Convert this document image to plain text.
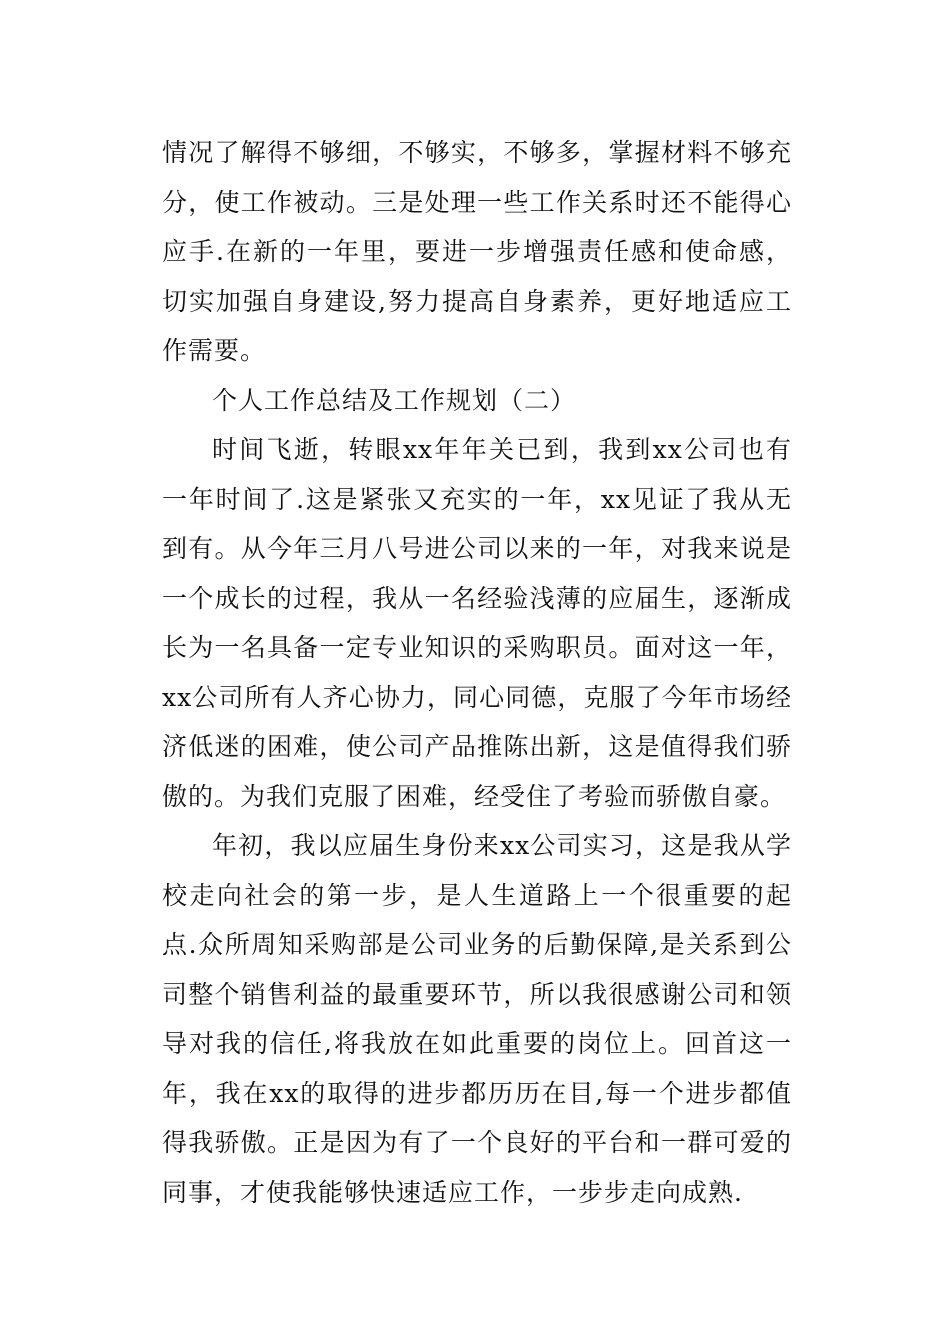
情况了解得不够细，不够实，不够多，掌握材料不够充分，使工作被动。三是处理一些工作关系时还不能得心应手.在新的一年里，要进一步增强责任感和使命感，切实加强自身建设,努力提高自身素养，更好地适应工作需要。

个人工作总结及工作规划（二）

时间飞逝，转眼xx年年关已到，我到xx公司也有一年时间了.这是紧张又充实的一年，xx见证了我从无到有。从今年三月八号进公司以来的一年，对我来说是一个成长的过程，我从一名经验浅薄的应届生，逐渐成长为一名具备一定专业知识的采购职员。面对这一年，xx公司所有人齐心协力，同心同德，克服了今年市场经济低迷的困难，使公司产品推陈出新，这是值得我们骄傲的。为我们克服了困难，经受住了考验而骄傲自豪。

年初，我以应届生身份来xx公司实习，这是我从学校走向社会的第一步，是人生道路上一个很重要的起点.众所周知采购部是公司业务的后勤保障,是关系到公司整个销售利益的最重要环节，所以我很感谢公司和领导对我的信任,将我放在如此重要的岗位上。回首这一年，我在xx的取得的进步都历历在目,每一个进步都值得我骄傲。正是因为有了一个良好的平台和一群可爱的同事，才使我能够快速适应工作，一步步走向成熟.
